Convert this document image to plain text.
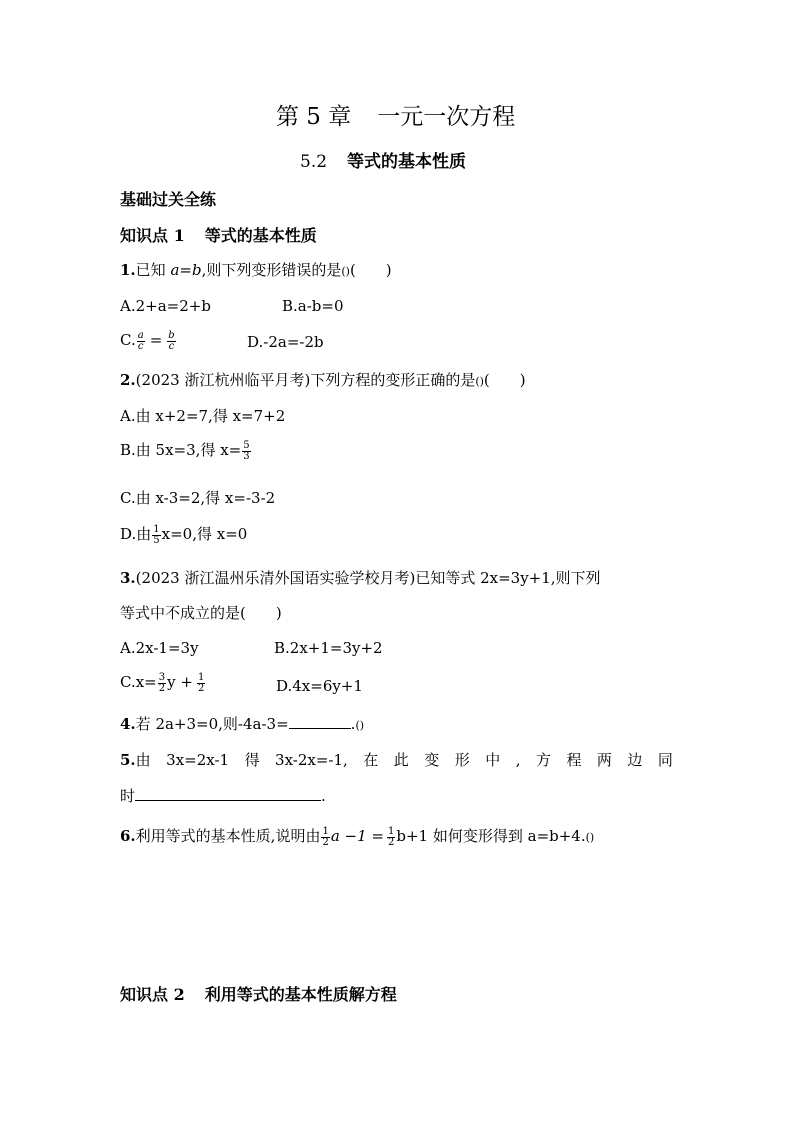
第 5 章 一元一次方程
5.2 等式的基本性质
基础过关全练
知识点 1 等式的基本性质
1.已知 a=b,则下列变形错误的是()(  )
A.2+a=2+b	B.a-b=0
C. $\frac{a}{c} = \frac{b}{c}$	D.-2a=-2b
2.(2023 浙江杭州临平月考)下列方程的变形正确的是()(  )
A.由 x+2=7,得 x=7+2
B.由 5x=3,得 $x= \frac{5}{3}$
C.由 x-3=2,得 x=-3-2
D.由 $\frac{1}{5} x=0$,得 x=0
3.(2023 浙江温州乐清外国语实验学校月考)已知等式 2x=3y+1,则下列
等式中不成立的是(  )
A.2x-1=3y	B.2x+1=3y+2
$C.x= \frac{3}{2}$ $y + \frac{1}{2}$	D.4x=6y+1
4.若 2a+3=0,则-4a-3=	.()
5.由 3x=2x-1 得 3x-2x=-1, 在 此 变 形 中 , 方 程 两 边 同
时	.
6.利用等式的基本性质,说明由 $\frac{1}{2}$ $a -1 = \frac{1}{2} b+1$ 如何变形得到 a=b+4.()
知识点 2 利用等式的基本性质解方程
